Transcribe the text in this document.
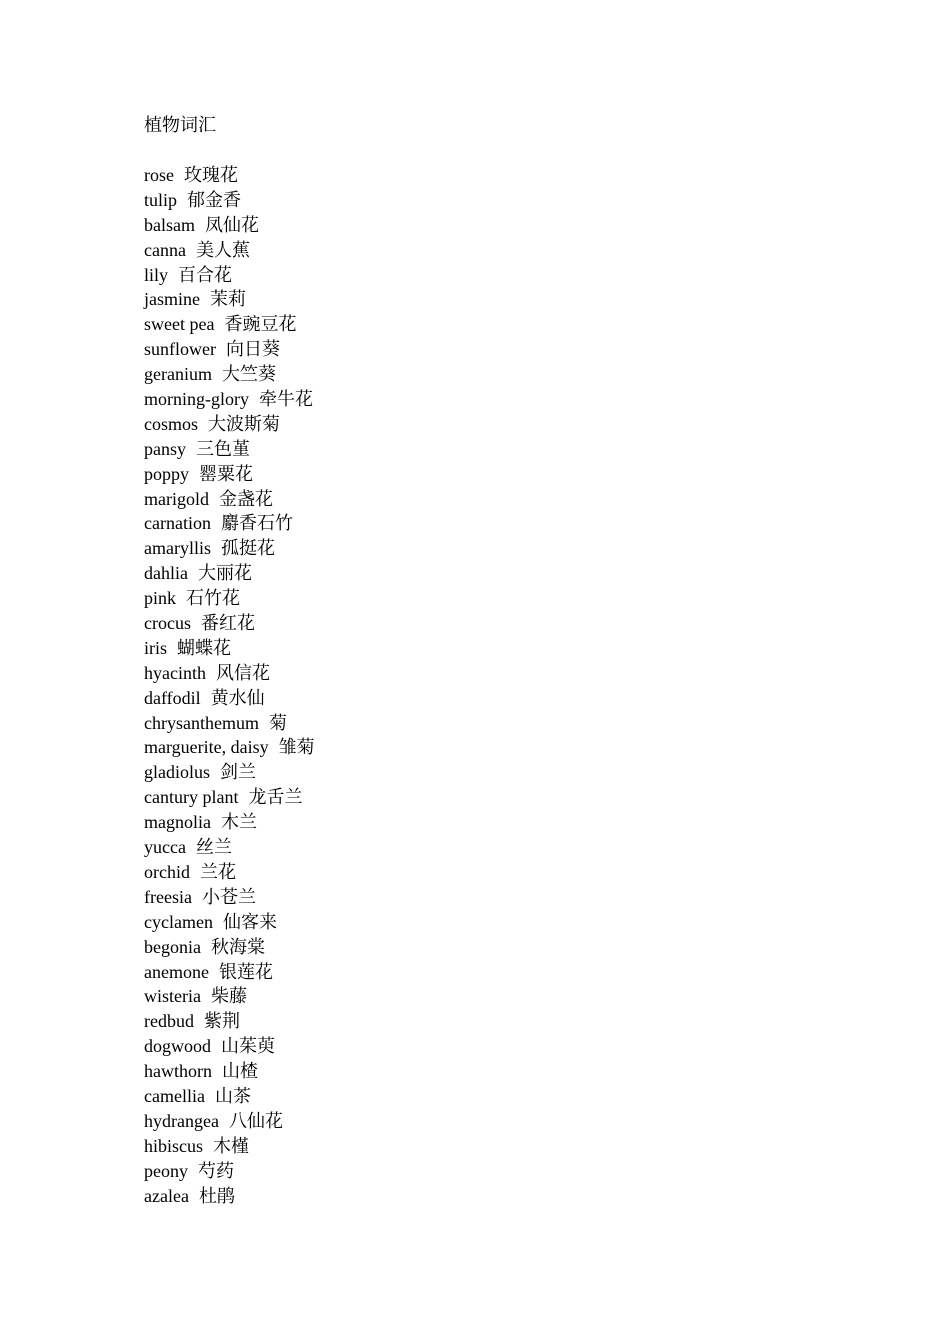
植物词汇
rose 玫瑰花
tulip 郁金香
balsam 凤仙花
canna 美人蕉
lily 百合花
jasmine 茉莉
sweet pea 香豌豆花
sunflower 向日葵
geranium 大竺葵
morning-glory 牵牛花
cosmos 大波斯菊
pansy 三色堇
poppy 罂粟花
marigold 金盏花
carnation 麝香石竹
amaryllis 孤挺花
dahlia 大丽花
pink 石竹花
crocus 番红花
iris 蝴蝶花
hyacinth 风信花
daffodil 黄水仙
chrysanthemum 菊
marguerite, daisy 雏菊
gladiolus 剑兰
cantury plant 龙舌兰
magnolia 木兰
yucca 丝兰
orchid 兰花
freesia 小苍兰
cyclamen 仙客来
begonia 秋海棠
anemone 银莲花
wisteria 柴藤
redbud 紫荆
dogwood 山茱萸
hawthorn 山楂
camellia 山茶
hydrangea 八仙花
hibiscus 木槿
peony 芍药
azalea 杜鹃
